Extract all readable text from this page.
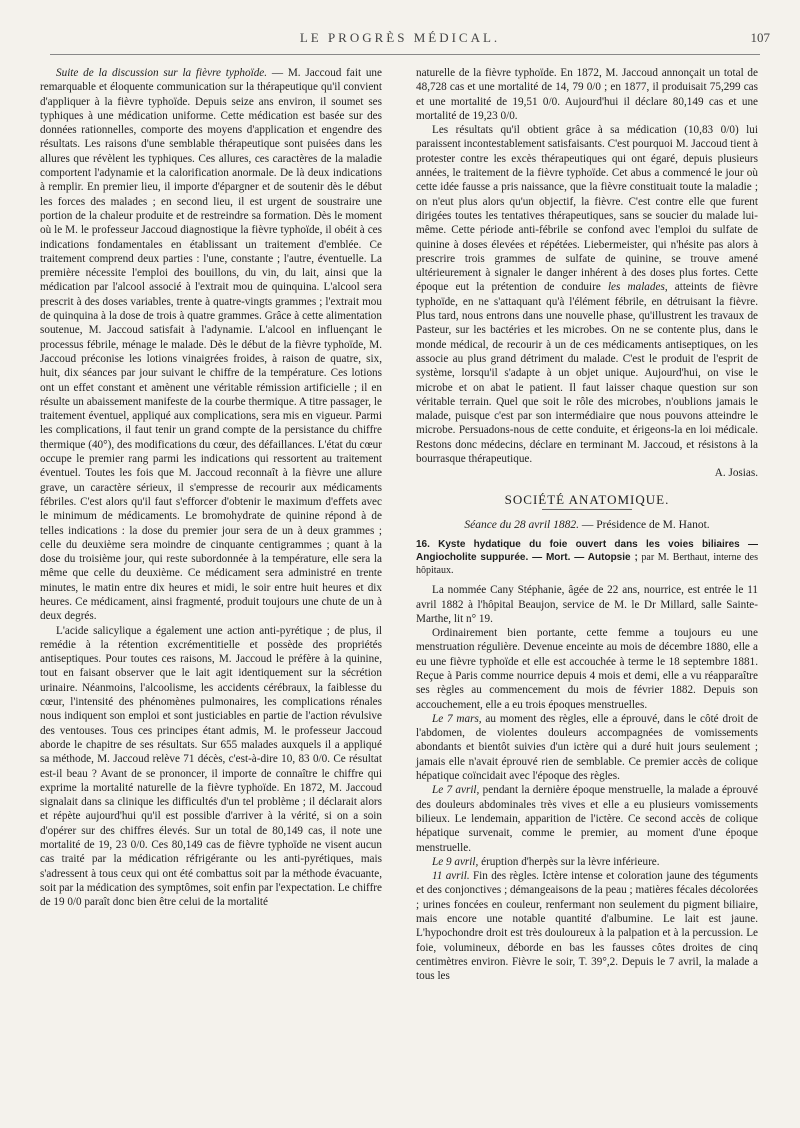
LE PROGRÈS MÉDICAL.	107

Suite de la discussion sur la fièvre typhoïde. — M. Jaccoud fait une remarquable et éloquente communication sur la thérapeutique qu'il convient d'appliquer à la fièvre typhoïde. Depuis seize ans environ, il soumet ses typhiques à une médication uniforme. Cette médication est basée sur des données rationnelles, comporte des moyens d'application et engendre des résultats. Les raisons d'une semblable thérapeutique sont puisées dans les allures que révèlent les typhiques. Ces allures, ces caractères de la maladie comportent l'adynamie et la calorification anormale. De là deux indications à remplir. En premier lieu, il importe d'épargner et de soutenir dès le début les forces des malades ; en second lieu, il est urgent de soustraire une portion de la chaleur produite et de restreindre sa formation. Dès le moment où le M. le professeur Jaccoud diagnostique la fièvre typhoïde, il obéit à ces indications fondamentales en établissant un traitement d'emblée. Ce traitement comprend deux parties : l'une, constante ; l'autre, éventuelle. La première nécessite l'emploi des bouillons, du vin, du lait, ainsi que la médication par l'alcool associé à l'extrait mou de quinquina. L'alcool sera prescrit à des doses variables, trente à quatre-vingts grammes ; l'extrait mou de quinquina à la dose de trois à quatre grammes. Grâce à cette alimentation soutenue, M. Jaccoud satisfait à l'adynamie. L'alcool en influençant le processus fébrile, ménage le malade. Dès le début de la fièvre typhoïde, M. Jaccoud préconise les lotions vinaigrées froides, à raison de quatre, six, huit, dix séances par jour suivant le chiffre de la température. Ces lotions ont un effet constant et amènent une véritable rémission artificielle ; il en résulte un abaissement manifeste de la courbe thermique. A titre passager, le traitement éventuel, appliqué aux complications, sera mis en vigueur. Parmi les complications, il faut tenir un grand compte de la persistance du chiffre thermique (40°), des modifications du cœur, des défaillances. L'état du cœur occupe le premier rang parmi les indications qui ressortent au traitement éventuel. Toutes les fois que M. Jaccoud reconnaît à la fièvre une allure grave, un caractère sérieux, il s'empresse de recourir aux médicaments fébriles. C'est alors qu'il faut s'efforcer d'obtenir le maximum d'effets avec le minimum de médicaments. Le bromohydrate de quinine répond à de telles indications : la dose du premier jour sera de un à deux grammes ; celle du deuxième sera moindre de cinquante centigrammes ; quant à la dose du troisième jour, qui reste subordonnée à la température, elle sera la même que celle du deuxième. Ce médicament sera administré en trente minutes, le matin entre dix heures et midi, le soir entre huit heures et dix heures. Ce médicament, ainsi fragmenté, produit toujours une chute de un à deux degrés.

L'acide salicylique a également une action anti-pyrétique ; de plus, il remédie à la rétention excrémentitielle et possède des propriétés antiseptiques. Pour toutes ces raisons, M. Jaccoud le préfère à la quinine, tout en faisant observer que le lait agit identiquement sur la sécrétion urinaire. Néanmoins, l'alcoolisme, les accidents cérébraux, la faiblesse du cœur, l'intensité des phénomènes pulmonaires, les complications rénales nous indiquent son emploi et sont justiciables en partie de l'action révulsive des ventouses. Tous ces principes étant admis, M. le professeur Jaccoud aborde le chapitre de ses résultats. Sur 655 malades auxquels il a appliqué sa méthode, M. Jaccoud relève 71 décès, c'est-à-dire 10, 83 0/0. Ce résultat est-il beau ? Avant de se prononcer, il importe de connaître le chiffre qui exprime la mortalité naturelle de la fièvre typhoïde. En 1872, M. Jaccoud signalait dans sa clinique les difficultés d'un tel problème ; il déclarait alors et répète aujourd'hui qu'il est possible d'arriver à la vérité, si on a soin d'opérer sur des chiffres élevés. Sur un total de 80,149 cas, il note une mortalité de 19, 23 0/0. Ces 80,149 cas de fièvre typhoïde ne visent aucun cas traité par la médication réfrigérante ou les anti-pyrétiques, mais s'adressent à tous ceux qui ont été combattus soit par la méthode évacuante, soit par la médication des symptômes, soit enfin par l'expectation. Le chiffre de 19 0/0 paraît donc bien être celui de la mortalité

naturelle de la fièvre typhoïde. En 1872, M. Jaccoud annonçait un total de 48,728 cas et une mortalité de 14, 79 0/0 ; en 1877, il produisait 75,299 cas et une mortalité de 19,51 0/0. Aujourd'hui il déclare 80,149 cas et une mortalité de 19,23 0/0.

Les résultats qu'il obtient grâce à sa médication (10,83 0/0) lui paraissent incontestablement satisfaisants. C'est pourquoi M. Jaccoud tient à protester contre les excès thérapeutiques qui ont égaré, depuis plusieurs années, le traitement de la fièvre typhoïde. Cet abus a commencé le jour où cette idée fausse a pris naissance, que la fièvre constituait toute la maladie ; on n'eut plus alors qu'un objectif, la fièvre. C'est contre elle que furent dirigées toutes les tentatives thérapeutiques, sans se soucier du malade lui-même. Cette période anti-fébrile se confond avec l'emploi du sulfate de quinine à doses élevées et répétées. Liebermeister, qui n'hésite pas alors à prescrire trois grammes de sulfate de quinine, se trouve amené ultérieurement à signaler le danger inhérent à des doses plus fortes. Cette époque eut la prétention de conduire les malades, atteints de fièvre typhoïde, en ne s'attaquant qu'à l'élément fébrile, en détruisant la fièvre. Plus tard, nous entrons dans une nouvelle phase, qu'illustrent les travaux de Pasteur, sur les bactéries et les microbes. On ne se contente plus, dans le monde médical, de recourir à un de ces médicaments antiseptiques, on les associe au plus grand détriment du malade. C'est le produit de l'esprit de système, lorsqu'il s'adapte à un objet unique. Aujourd'hui, on vise le microbe et on abat le patient. Il faut laisser chaque question sur son véritable terrain. Quel que soit le rôle des microbes, n'oublions jamais le malade, puisque c'est par son intermédiaire que nous pouvons atteindre le microbe. Persuadons-nous de cette conduite, et érigeons-la en loi médicale. Restons donc médecins, déclare en terminant M. Jaccoud, et résistons à la bourrasque thérapeutique.

A. Josias.
SOCIÉTÉ ANATOMIQUE.
Séance du 28 avril 1882. — Présidence de M. Hanot.
16. Kyste hydatique du foie ouvert dans les voies biliaires — Angiocholite suppurée. — Mort. — Autopsie ; par M. Berthaut, interne des hôpitaux.

La nommée Cany Stéphanie, âgée de 22 ans, nourrice, est entrée le 11 avril 1882 à l'hôpital Beaujon, service de M. le Dr Millard, salle Sainte-Marthe, lit n° 19.

Ordinairement bien portante, cette femme a toujours eu une menstruation régulière. Devenue enceinte au mois de décembre 1880, elle a eu une fièvre typhoïde et elle est accouchée à terme le 18 septembre 1881. Reçue à Paris comme nourrice depuis 4 mois et demi, elle a vu réapparaître ses règles au commencement du mois de février 1882. Depuis son accouchement, elle a eu trois époques menstruelles.

Le 7 mars, au moment des règles, elle a éprouvé, dans le côté droit de l'abdomen, de violentes douleurs accompagnées de vomissements abondants et bientôt suivies d'un ictère qui a duré huit jours seulement ; jamais elle n'avait éprouvé rien de semblable. Ce premier accès de colique hépatique coïncidait avec l'époque des règles.

Le 7 avril, pendant la dernière époque menstruelle, la malade a éprouvé des douleurs abdominales très vives et elle a eu plusieurs vomissements bilieux. Le lendemain, apparition de l'ictère. Ce second accès de colique hépatique survenait, comme le premier, au moment d'une époque menstruelle.

Le 9 avril, éruption d'herpès sur la lèvre inférieure.

11 avril. Fin des règles. Ictère intense et coloration jaune des téguments et des conjonctives ; démangeaisons de la peau ; matières fécales décolorées ; urines foncées en couleur, renfermant non seulement du pigment biliaire, mais encore une notable quantité d'albumine. Le lait est jaune. L'hypochondre droit est très douloureux à la palpation et à la percussion. Le foie, volumineux, déborde en bas les fausses côtes droites de cinq centimètres environ. Fièvre le soir, T. 39°,2. Depuis le 7 avril, la malade a tous les
